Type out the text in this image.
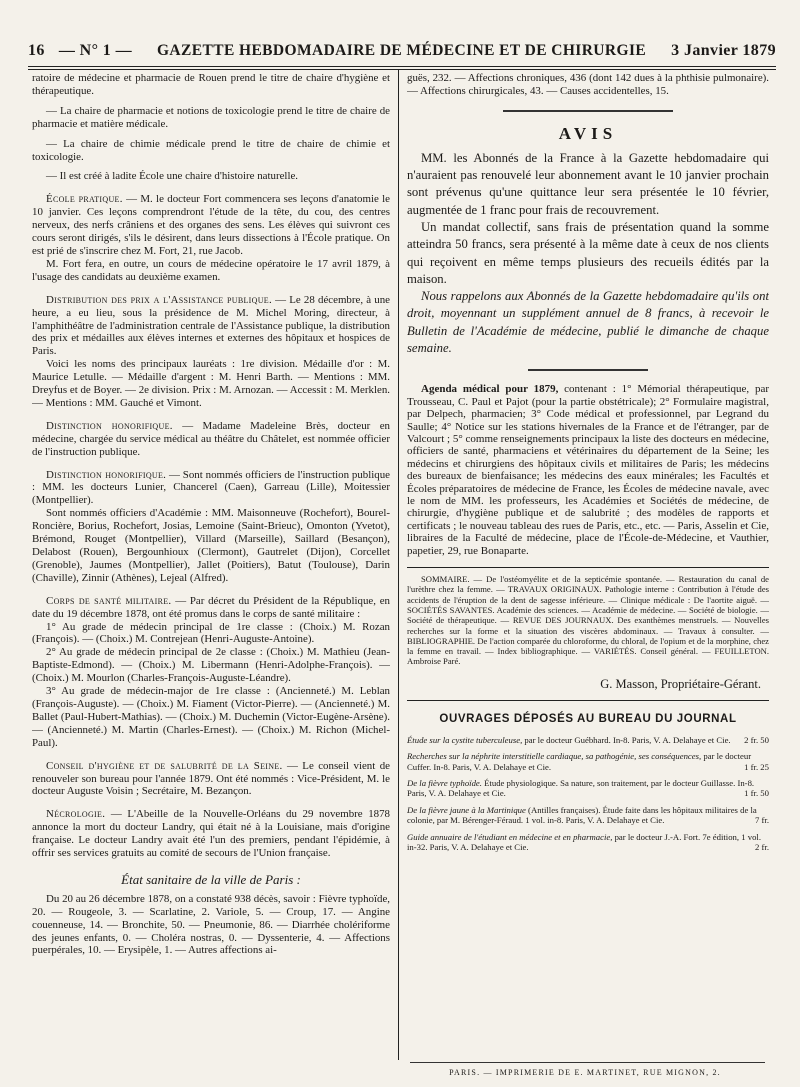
16 — N° 1 —	GAZETTE HEBDOMADAIRE DE MÉDECINE ET DE CHIRURGIE	3 Janvier 1879

ratoire de médecine et pharmacie de Rouen prend le titre de chaire d'hygiène et thérapeutique.

— La chaire de pharmacie et notions de toxicologie prend le titre de chaire de pharmacie et matière médicale.

— La chaire de chimie médicale prend le titre de chaire de chimie et toxicologie.

— Il est créé à ladite École une chaire d'histoire naturelle.

École pratique. — M. le docteur Fort commencera ses leçons d'anatomie le 10 janvier. Ces leçons comprendront l'étude de la tête, du cou, des centres nerveux, des nerfs crâniens et des organes des sens. Les élèves qui suivront ces cours seront dirigés, s'ils le désirent, dans leurs dissections à l'École pratique. On est prié de s'inscrire chez M. Fort, 21, rue Jacob.

M. Fort fera, en outre, un cours de médecine opératoire le 17 avril 1879, à l'usage des candidats au deuxième examen.

Distribution des prix a l'Assistance publique. — Le 28 décembre, à une heure, a eu lieu, sous la présidence de M. Michel Moring, directeur, à l'amphithéâtre de l'administration centrale de l'Assistance publique, la distribution des prix et médailles aux élèves internes et externes des hôpitaux et hospices de Paris.

Voici les noms des principaux lauréats : 1re division. Médaille d'or : M. Maurice Letulle. — Médaille d'argent : M. Henri Barth. — Mentions : MM. Dreyfus et de Boyer. — 2e division. Prix : M. Arnozan. — Accessit : M. Merklen. — Mentions : MM. Gauché et Vimont.

Distinction honorifique. — Madame Madeleine Brès, docteur en médecine, chargée du service médical au théâtre du Châtelet, est nommée officier de l'instruction publique.

Distinction honorifique. — Sont nommés officiers de l'instruction publique : MM. les docteurs Lunier, Chancerel (Caen), Garreau (Lille), Moitessier (Montpellier).

Sont nommés officiers d'Académie : MM. Maisonneuve (Rochefort), Bourel-Roncière, Borius, Rochefort, Josias, Lemoine (Saint-Brieuc), Omonton (Yvetot), Brémond, Rouget (Montpellier), Villard (Marseille), Saillard (Besançon), Delabost (Rouen), Bergounhioux (Clermont), Gautrelet (Dijon), Corcellet (Grenoble), Jaumes (Montpellier), Jallet (Poitiers), Batut (Toulouse), Darin (Chaville), Zinnir (Athènes), Lejeal (Alfred).

Corps de santé militaire. — Par décret du Président de la République, en date du 19 décembre 1878, ont été promus dans le corps de santé militaire :

1° Au grade de médecin principal de 1re classe : (Choix.) M. Rozan (François). — (Choix.) M. Contrejean (Henri-Auguste-Antoine).

2° Au grade de médecin principal de 2e classe : (Choix.) M. Mathieu (Jean-Baptiste-Edmond). — (Choix.) M. Libermann (Henri-Adolphe-François). — (Choix.) M. Mourlon (Charles-François-Auguste-Léandre).

3° Au grade de médecin-major de 1re classe : (Ancienneté.) M. Leblan (François-Auguste). — (Choix.) M. Fiament (Victor-Pierre). — (Ancienneté.) M. Ballet (Paul-Hubert-Mathias). — (Choix.) M. Duchemin (Victor-Eugène-Arsène). — (Ancienneté.) M. Martin (Charles-Ernest). — (Choix.) M. Richon (Michel-Paul).

Conseil d'hygiène et de salubrité de la Seine. — Le conseil vient de renouveler son bureau pour l'année 1879. Ont été nommés : Vice-Président, M. le docteur Auguste Voisin ; Secrétaire, M. Bezançon.

Nécrologie. — L'Abeille de la Nouvelle-Orléans du 29 novembre 1878 annonce la mort du docteur Landry, qui était né à la Louisiane, mais d'origine française. Le docteur Landry avait été l'un des premiers, pendant l'épidémie, à offrir ses services gratuits au comité de secours de l'Union française.

État sanitaire de la ville de Paris :

Du 20 au 26 décembre 1878, on a constaté 938 décès, savoir : Fièvre typhoïde, 20. — Rougeole, 3. — Scarlatine, 2. Variole, 5. — Croup, 17. — Angine couenneuse, 14. — Bronchite, 50. — Pneumonie, 86. — Diarrhée cholériforme des jeunes enfants, 0. — Choléra nostras, 0. — Dyssenterie, 4. — Affections puerpérales, 10. — Erysipèle, 1. — Autres affections ai-

guës, 232. — Affections chroniques, 436 (dont 142 dues à la phthisie pulmonaire). — Affections chirurgicales, 43. — Causes accidentelles, 15.

AVIS

MM. les Abonnés de la France à la Gazette hebdomadaire qui n'auraient pas renouvelé leur abonnement avant le 10 janvier prochain sont prévenus qu'une quittance leur sera présentée le 10 février, augmentée de 1 franc pour frais de recouvrement.

Un mandat collectif, sans frais de présentation quand la somme atteindra 50 francs, sera présenté à la même date à ceux de nos clients qui reçoivent en même temps plusieurs des recueils édités par la maison.

Nous rappelons aux Abonnés de la Gazette hebdomadaire qu'ils ont droit, moyennant un supplément annuel de 8 francs, à recevoir le Bulletin de l'Académie de médecine, publié le dimanche de chaque semaine.

Agenda médical pour 1879, contenant : 1° Mémorial thérapeutique, par Trousseau, C. Paul et Pajot (pour la partie obstétricale); 2° Formulaire magistral, par Delpech, pharmacien; 3° Code médical et professionnel, par Legrand du Saulle; 4° Notice sur les stations hivernales de la France et de l'étranger, par de Valcourt ; 5° comme renseignements principaux la liste des docteurs en médecine, officiers de santé, pharmaciens et vétérinaires du département de la Seine; les médecins et chirurgiens des hôpitaux civils et militaires de Paris; les médecins des bureaux de bienfaisance; les médecins des eaux minérales; les Facultés et Écoles préparatoires de médecine de France, les Écoles de médecine navale, avec le nom de MM. les professeurs, les Académies et Sociétés de médecine, de chirurgie, d'hygiène publique et de salubrité ; des modèles de rapports et certificats ; le nouveau tableau des rues de Paris, etc., etc. — Paris, Asselin et Cie, libraires de la Faculté de médecine, place de l'École-de-Médecine, et Vauthier, papetier, 29, rue Bonaparte.

SOMMAIRE. — De l'ostéomyélite et de la septicémie spontanée. — Restauration du canal de l'urèthre chez la femme. — TRAVAUX ORIGINAUX. Pathologie interne : Contribution à l'étude des accidents de l'éruption de la dent de sagesse inférieure. — Clinique médicale : De l'aortite aiguë. — SOCIÉTÉS SAVANTES. Académie des sciences. — Académie de médecine. — Société de biologie. — Société de thérapeutique. — REVUE DES JOURNAUX. Des exanthèmes menstruels. — Nouvelles recherches sur la forme et la situation des viscères abdominaux. — Travaux à consulter. — BIBLIOGRAPHIE. De l'action comparée du chloroforme, du chloral, de l'opium et de la morphine, chez la femme en travail. — Index bibliographique. — VARIÉTÉS. Conseil général. — FEUILLETON. Ambroise Paré.

G. Masson, Propriétaire-Gérant.
OUVRAGES DÉPOSÉS AU BUREAU DU JOURNAL
Étude sur la cystite tuberculeuse, par le docteur Guébhard. In-8. Paris, V. A. Delahaye et Cie. 2 fr. 50
Recherches sur la néphrite interstitielle cardiaque, sa pathogénie, ses conséquences, par le docteur Cuffer. In-8. Paris, V. A. Delahaye et Cie.	1 fr. 25
De la fièvre typhoïde. Étude physiologique. Sa nature, son traitement, par le docteur Guillasse. In-8. Paris, V. A. Delahaye et Cie.	1 fr. 50
De la fièvre jaune à la Martinique (Antilles françaises). Étude faite dans les hôpitaux militaires de la colonie, par M. Bérenger-Féraud. 1 vol. in-8. Paris, V. A. Delahaye et Cie.	7 fr.
Guide annuaire de l'étudiant en médecine et en pharmacie, par le docteur J.-A. Fort. 7e édition, 1 vol. in-32. Paris, V. A. Delahaye et Cie.	2 fr.
PARIS. — IMPRIMERIE DE E. MARTINET, RUE MIGNON, 2.
